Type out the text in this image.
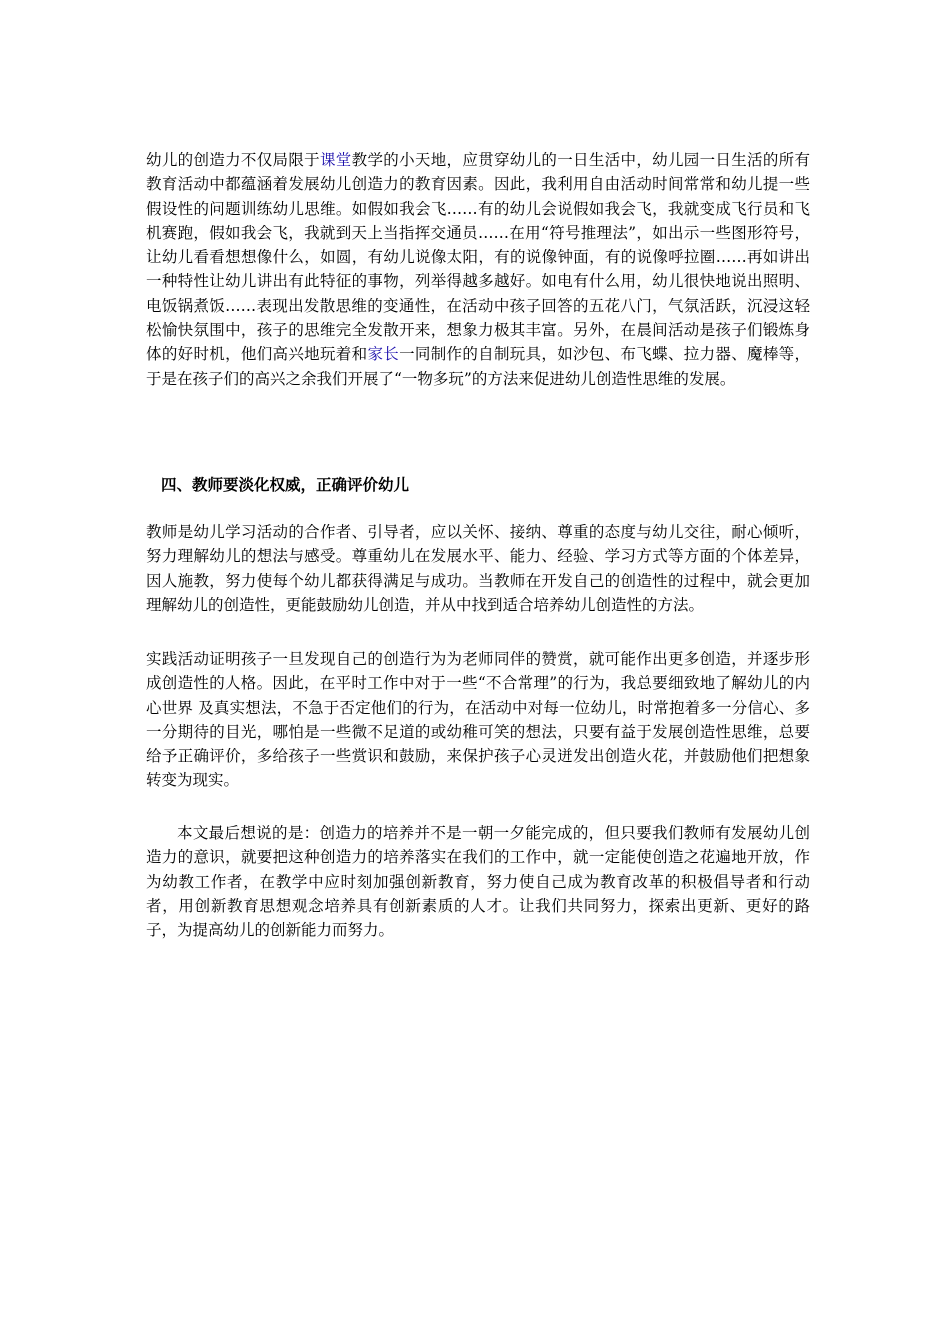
幼儿的创造力不仅局限于课堂教学的小天地，应贯穿幼儿的一日生活中，幼儿园一日生活的所有教育活动中都蕴涵着发展幼儿创造力的教育因素。因此，我利用自由活动时间常常和幼儿提一些假设性的问题训练幼儿思维。如假如我会飞……有的幼儿会说假如我会飞，我就变成飞行员和飞机赛跑，假如我会飞，我就到天上当指挥交通员……在用“符号推理法”，如出示一些图形符号，让幼儿看看想想像什么，如圆，有幼儿说像太阳，有的说像钟面，有的说像呼拉圈……再如讲出一种特性让幼儿讲出有此特征的事物，列举得越多越好。如电有什么用，幼儿很快地说出照明、电饭锅煮饭……表现出发散思维的变通性，在活动中孩子回答的五花八门，气氛活跃，沉浸这轻松愉快氛围中，孩子的思维完全发散开来，想象力极其丰富。另外，在晨间活动是孩子们锻炼身体的好时机，他们高兴地玩着和家长一同制作的自制玩具，如沙包、布飞蝶、拉力器、魔棒等，于是在孩子们的高兴之余我们开展了“一物多玩”的方法来促进幼儿创造性思维的发展。

四、教师要淡化权威，正确评价幼儿

教师是幼儿学习活动的合作者、引导者，应以关怀、接纳、尊重的态度与幼儿交往，耐心倾听，努力理解幼儿的想法与感受。尊重幼儿在发展水平、能力、经验、学习方式等方面的个体差异，因人施教，努力使每个幼儿都获得满足与成功。当教师在开发自己的创造性的过程中，就会更加理解幼儿的创造性，更能鼓励幼儿创造，并从中找到适合培养幼儿创造性的方法。

实践活动证明孩子一旦发现自己的创造行为为老师同伴的赞赏，就可能作出更多创造，并逐步形成创造性的人格。因此，在平时工作中对于一些“不合常理”的行为，我总要细致地了解幼儿的内心世界 及真实想法，不急于否定他们的行为，在活动中对每一位幼儿，时常抱着多一分信心、多一分期待的目光，哪怕是一些微不足道的或幼稚可笑的想法，只要有益于发展创造性思维，总要给予正确评价，多给孩子一些赏识和鼓励，来保护孩子心灵迸发出创造火花，并鼓励他们把想象转变为现实。

本文最后想说的是：创造力的培养并不是一朝一夕能完成的，但只要我们教师有发展幼儿创造力的意识，就要把这种创造力的培养落实在我们的工作中，就一定能使创造之花遍地开放，作为幼教工作者，在教学中应时刻加强创新教育，努力使自己成为教育改革的积极倡导者和行动者，用创新教育思想观念培养具有创新素质的人才。让我们共同努力，探索出更新、更好的路子，为提高幼儿的创新能力而努力。
